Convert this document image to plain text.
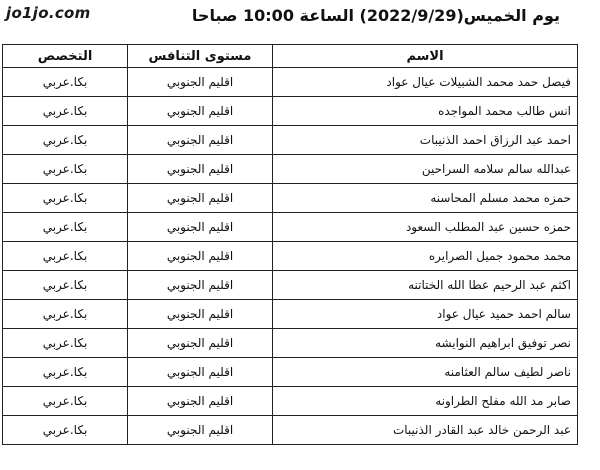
jo1jo.com	يوم الخميس(2022/9/29) الساعة 10:00 صباحا
الاسم	مستوى التنافس	التخصص
فيصل حمد محمد الشبيلات عيال عواد	اقليم الجنوبي	بكا.عربي
انس طالب محمد المواجده	اقليم الجنوبي	بكا.عربي
احمد عبد الرزاق احمد الذنيبات	اقليم الجنوبي	بكا.عربي
عبدالله سالم سلامه السراحين	اقليم الجنوبي	بكا.عربي
حمزه محمد مسلم المحاسنه	اقليم الجنوبي	بكا.عربي
حمزه حسين عبد المطلب السعود	اقليم الجنوبي	بكا.عربي
محمد محمود جميل الصرايره	اقليم الجنوبي	بكا.عربي
اكثم عبد الرحيم عطا الله الختاتنه	اقليم الجنوبي	بكا.عربي
سالم احمد حميد عيال عواد	اقليم الجنوبي	بكا.عربي
نصر توفيق ابراهيم النوايشه	اقليم الجنوبي	بكا.عربي
ناصر لطيف سالم العثامنه	اقليم الجنوبي	بكا.عربي
صابر مد الله مفلح الطراونه	اقليم الجنوبي	بكا.عربي
عبد الرحمن خالد عبد القادر الذنيبات	اقليم الجنوبي	بكا.عربي
